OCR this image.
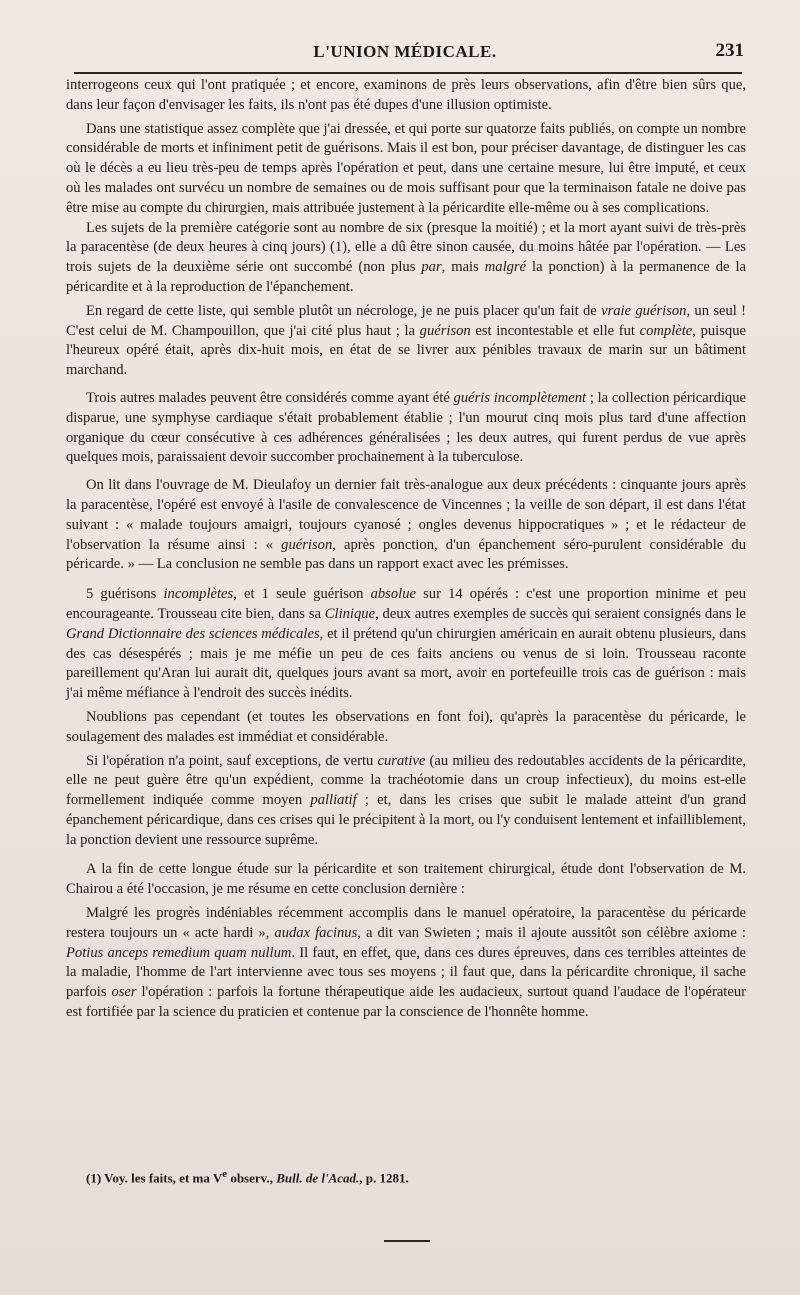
L'UNION MÉDICALE.	231

interrogeons ceux qui l'ont pratiquée ; et encore, examinons de près leurs observations, afin d'être bien sûrs que, dans leur façon d'envisager les faits, ils n'ont pas été dupes d'une illusion optimiste.

Dans une statistique assez complète que j'ai dressée, et qui porte sur quatorze faits publiés, on compte un nombre considérable de morts et infiniment petit de guérisons. Mais il est bon, pour préciser davantage, de distinguer les cas où le décès a eu lieu très-peu de temps après l'opération et peut, dans une certaine mesure, lui être imputé, et ceux où les malades ont survécu un nombre de semaines ou de mois suffisant pour que la terminaison fatale ne doive pas être mise au compte du chirurgien, mais attribuée justement à la péricardite elle-même ou à ses complications.

Les sujets de la première catégorie sont au nombre de six (presque la moitié) ; et la mort ayant suivi de très-près la paracentèse (de deux heures à cinq jours) (1), elle a dû être sinon causée, du moins hâtée par l'opération. — Les trois sujets de la deuxième série ont succombé (non plus par, mais malgré la ponction) à la permanence de la péricardite et à la reproduction de l'épanchement.

En regard de cette liste, qui semble plutôt un nécrologe, je ne puis placer qu'un fait de vraie guérison, un seul ! C'est celui de M. Champouillon, que j'ai cité plus haut ; la guérison est incontestable et elle fut complète, puisque l'heureux opéré était, après dix-huit mois, en état de se livrer aux pénibles travaux de marin sur un bâtiment marchand.

Trois autres malades peuvent être considérés comme ayant été guéris incomplètement ; la collection péricardique disparue, une symphyse cardiaque s'était probablement établie ; l'un mourut cinq mois plus tard d'une affection organique du cœur consécutive à ces adhérences généralisées ; les deux autres, qui furent perdus de vue après quelques mois, paraissaient devoir succomber prochainement à la tuberculose.

On lit dans l'ouvrage de M. Dieulafoy un dernier fait très-analogue aux deux précédents : cinquante jours après la paracentèse, l'opéré est envoyé à l'asile de convalescence de Vincennes ; la veille de son départ, il est dans l'état suivant : « malade toujours amaigri, toujours cyanosé ; ongles devenus hippocratiques » ; et le rédacteur de l'observation la résume ainsi : « guérison, après ponction, d'un épanchement séro-purulent considérable du péricarde. » — La conclusion ne semble pas dans un rapport exact avec les prémisses.

5 guérisons incomplètes, et 1 seule guérison absolue sur 14 opérés : c'est une proportion minime et peu encourageante. Trousseau cite bien, dans sa Clinique, deux autres exemples de succès qui seraient consignés dans le Grand Dictionnaire des sciences médicales, et il prétend qu'un chirurgien américain en aurait obtenu plusieurs, dans des cas désespérés ; mais je me méfie un peu de ces faits anciens ou venus de si loin. Trousseau raconte pareillement qu'Aran lui aurait dit, quelques jours avant sa mort, avoir en portefeuille trois cas de guérison : mais j'ai même méfiance à l'endroit des succès inédits.

Noublions pas cependant (et toutes les observations en font foi), qu'après la paracentèse du péricarde, le soulagement des malades est immédiat et considérable.

Si l'opération n'a point, sauf exceptions, de vertu curative (au milieu des redoutables accidents de la péricardite, elle ne peut guère être qu'un expédient, comme la trachéotomie dans un croup infectieux), du moins est-elle formellement indiquée comme moyen palliatif ; et, dans les crises que subit le malade atteint d'un grand épanchement péricardique, dans ces crises qui le précipitent à la mort, ou l'y conduisent lentement et infailliblement, la ponction devient une ressource suprême.

A la fin de cette longue étude sur la péricardite et son traitement chirurgical, étude dont l'observation de M. Chairou a été l'occasion, je me résume en cette conclusion dernière :

Malgré les progrès indéniables récemment accomplis dans le manuel opératoire, la paracentèse du péricarde restera toujours un « acte hardi », audax facinus, a dit van Swieten ; mais il ajoute aussitôt son célèbre axiome : Potius anceps remedium quam nullum. Il faut, en effet, que, dans ces dures épreuves, dans ces terribles atteintes de la maladie, l'homme de l'art intervienne avec tous ses moyens ; il faut que, dans la péricardite chronique, il sache parfois oser l'opération : parfois la fortune thérapeutique aide les audacieux, surtout quand l'audace de l'opérateur est fortifiée par la science du praticien et contenue par la conscience de l'honnête homme.

(1) Voy. les faits, et ma Ve observ., Bull. de l'Acad., p. 1281.
